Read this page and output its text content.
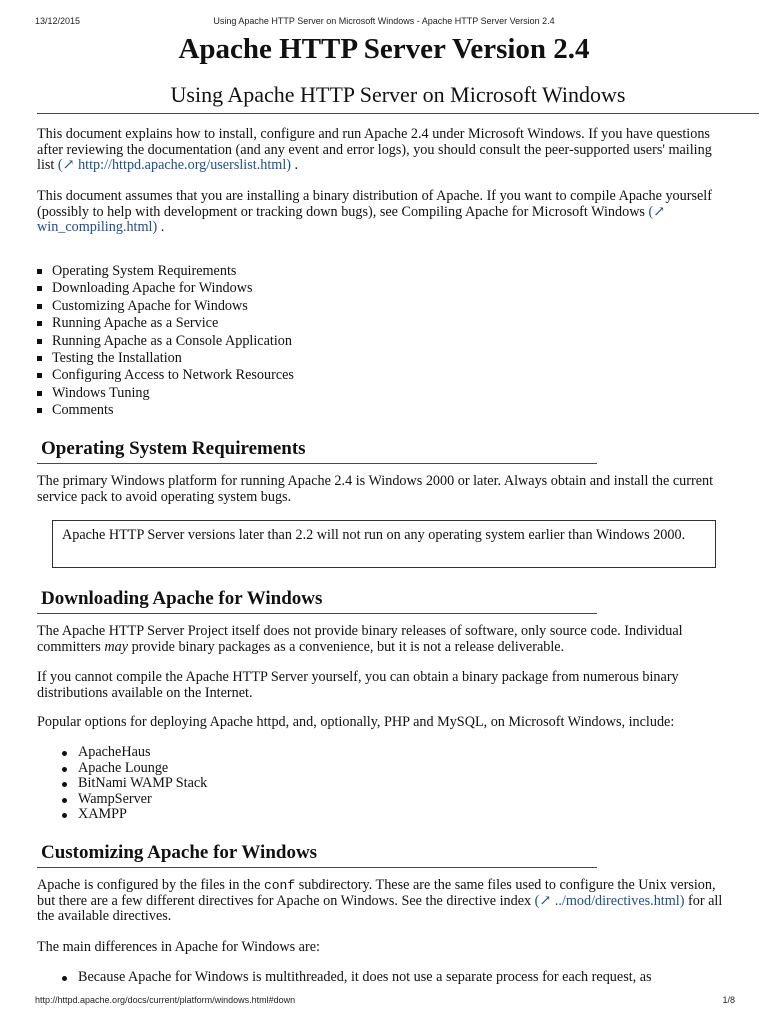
13/12/2015	Using Apache HTTP Server on Microsoft Windows - Apache HTTP Server Version 2.4
Apache HTTP Server Version 2.4
Using Apache HTTP Server on Microsoft Windows

This document explains how to install, configure and run Apache 2.4 under Microsoft Windows. If you have questions after reviewing the documentation (and any event and error logs), you should consult the peer-supported users' mailing list (↗ http://httpd.apache.org/userslist.html) .

This document assumes that you are installing a binary distribution of Apache. If you want to compile Apache yourself (possibly to help with development or tracking down bugs), see Compiling Apache for Microsoft Windows (↗ win_compiling.html) .

Operating System Requirements
Downloading Apache for Windows
Customizing Apache for Windows
Running Apache as a Service
Running Apache as a Console Application
Testing the Installation
Configuring Access to Network Resources
Windows Tuning
Comments
Operating System Requirements

The primary Windows platform for running Apache 2.4 is Windows 2000 or later. Always obtain and install the current service pack to avoid operating system bugs.

Apache HTTP Server versions later than 2.2 will not run on any operating system earlier than Windows 2000.
Downloading Apache for Windows

The Apache HTTP Server Project itself does not provide binary releases of software, only source code. Individual committers may provide binary packages as a convenience, but it is not a release deliverable.

If you cannot compile the Apache HTTP Server yourself, you can obtain a binary package from numerous binary distributions available on the Internet.

Popular options for deploying Apache httpd, and, optionally, PHP and MySQL, on Microsoft Windows, include:

ApacheHaus
Apache Lounge
BitNami WAMP Stack
WampServer
XAMPP
Customizing Apache for Windows

Apache is configured by the files in the conf subdirectory. These are the same files used to configure the Unix version, but there are a few different directives for Apache on Windows. See the directive index (↗ ../mod/directives.html) for all the available directives.

The main differences in Apache for Windows are:

Because Apache for Windows is multithreaded, it does not use a separate process for each request, as
http://httpd.apache.org/docs/current/platform/windows.html#down	1/8
